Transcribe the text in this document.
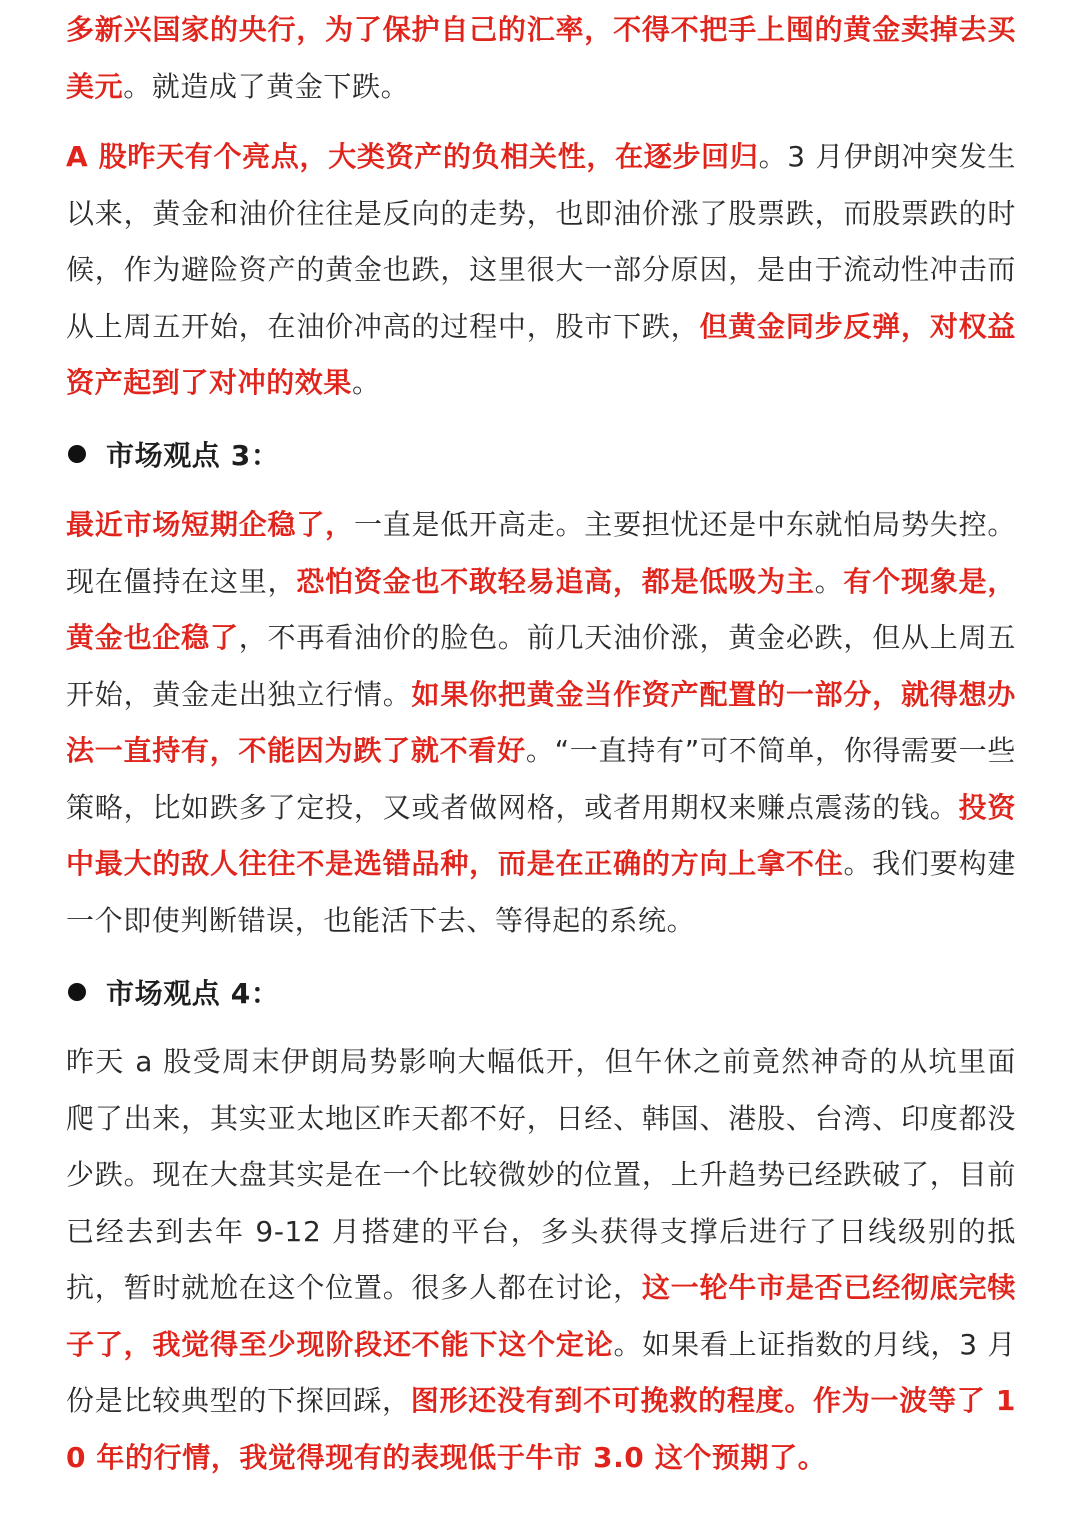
多新兴国家的央行，为了保护自己的汇率，不得不把手上囤的黄金卖掉去买美元。就造成了黄金下跌。

A 股昨天有个亮点，大类资产的负相关性，在逐步回归。3 月伊朗冲突发生以来，黄金和油价往往是反向的走势，也即油价涨了股票跌，而股票跌的时候，作为避险资产的黄金也跌，这里很大一部分原因，是由于流动性冲击而从上周五开始，在油价冲高的过程中，股市下跌，但黄金同步反弹，对权益资产起到了对冲的效果。

市场观点 3：

最近市场短期企稳了，一直是低开高走。主要担忧还是中东就怕局势失控。现在僵持在这里，恐怕资金也不敢轻易追高，都是低吸为主。有个现象是，黄金也企稳了，不再看油价的脸色。前几天油价涨，黄金必跌，但从上周五开始，黄金走出独立行情。如果你把黄金当作资产配置的一部分，就得想办法一直持有，不能因为跌了就不看好。“一直持有”可不简单，你得需要一些策略，比如跌多了定投，又或者做网格，或者用期权来赚点震荡的钱。投资中最大的敌人往往不是选错品种，而是在正确的方向上拿不住。我们要构建一个即使判断错误，也能活下去、等得起的系统。

市场观点 4：

昨天 a 股受周末伊朗局势影响大幅低开，但午休之前竟然神奇的从坑里面爬了出来，其实亚太地区昨天都不好，日经、韩国、港股、台湾、印度都没少跌。现在大盘其实是在一个比较微妙的位置，上升趋势已经跌破了，目前已经去到去年 9-12 月搭建的平台，多头获得支撑后进行了日线级别的抵抗，暂时就尬在这个位置。很多人都在讨论，这一轮牛市是否已经彻底完犊子了，我觉得至少现阶段还不能下这个定论。如果看上证指数的月线，3 月份是比较典型的下探回踩，图形还没有到不可挽救的程度。作为一波等了 10 年的行情，我觉得现有的表现低于牛市 3.0 这个预期了。
